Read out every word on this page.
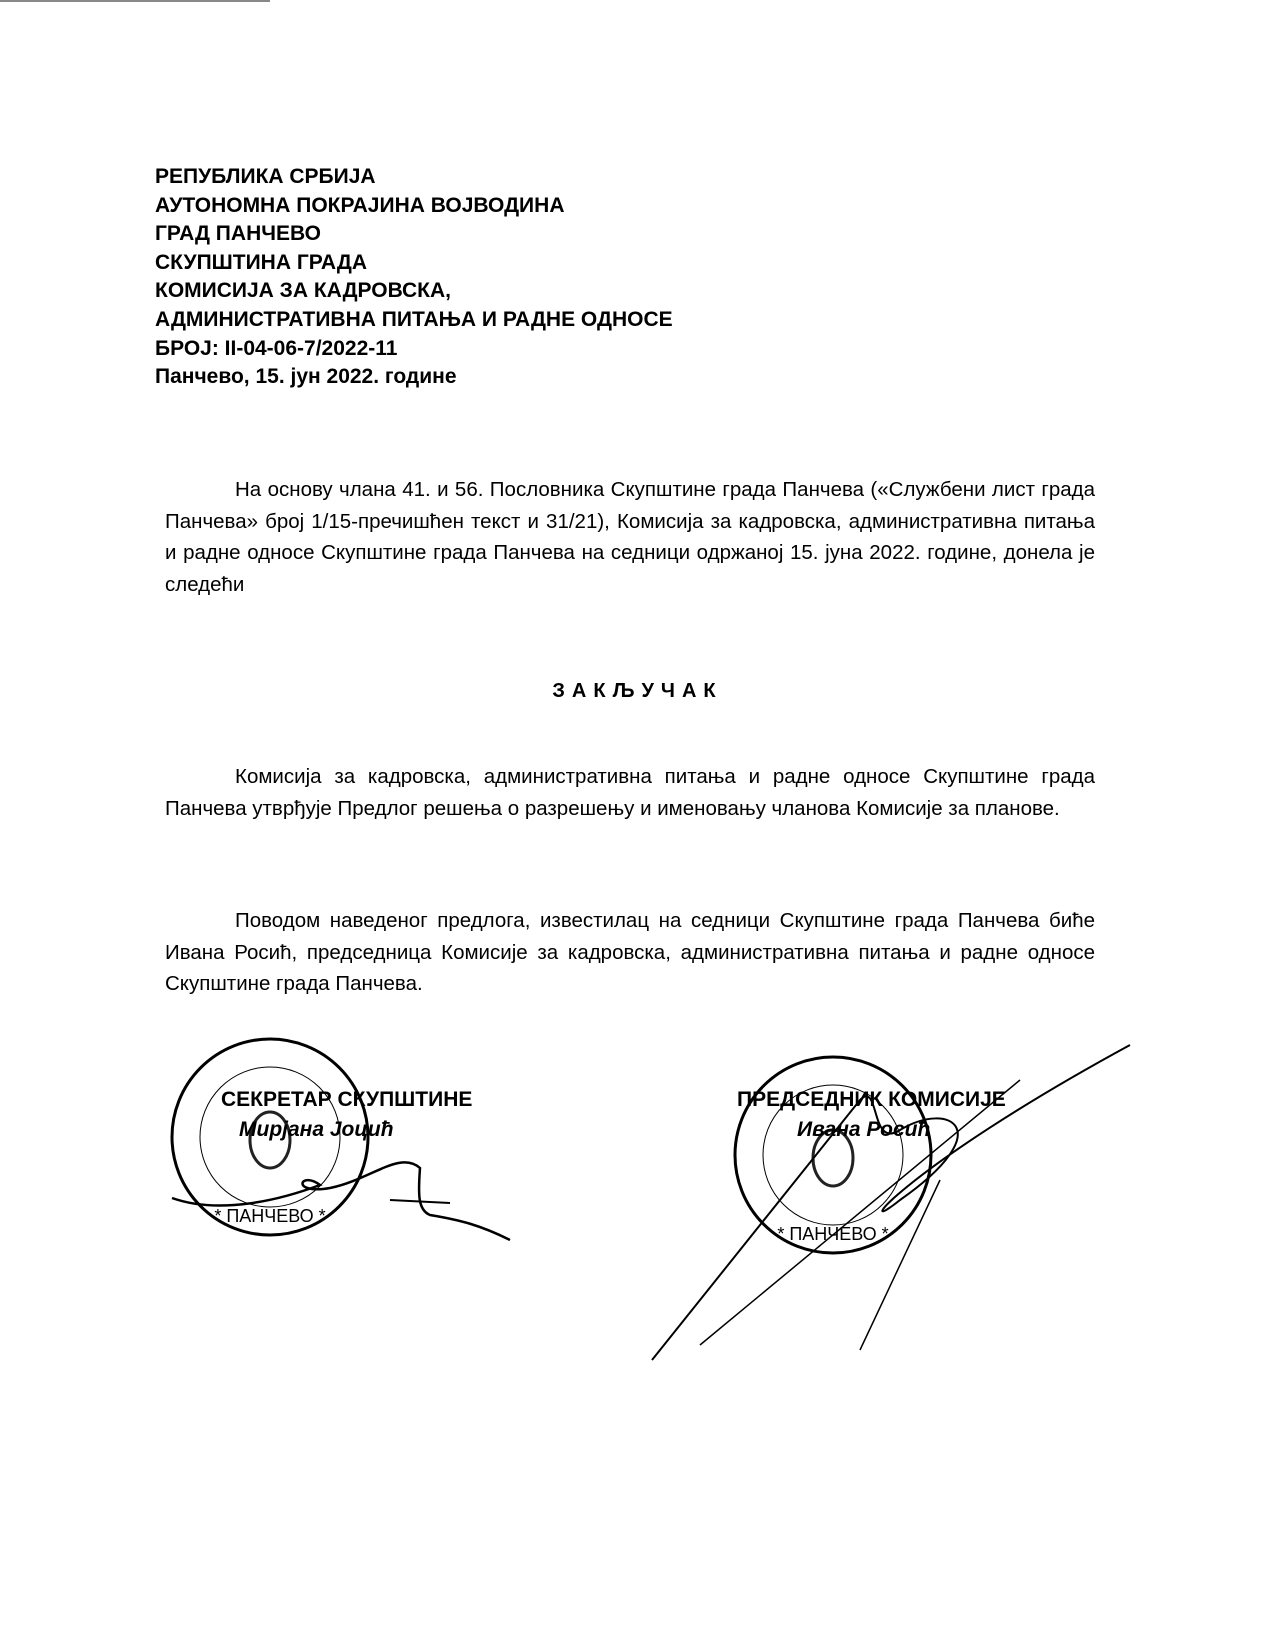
РЕПУБЛИКА СРБИЈА
АУТОНОМНА ПОКРАЈИНА ВОЈВОДИНА
ГРАД ПАНЧЕВО
СКУПШТИНА ГРАДА
КОМИСИЈА ЗА КАДРОВСКА,
АДМИНИСТРАТИВНА ПИТАЊА И РАДНЕ ОДНОСЕ
БРОЈ: II-04-06-7/2022-11
Панчево, 15. јун 2022. године
На основу члана 41. и 56. Пословника Скупштине града Панчева («Службени лист града Панчева» број 1/15-пречишћен текст и 31/21), Комисија за кадровска, административна питања и радне односе Скупштине града Панчева на седници одржаној 15. јуна 2022. године, донела је следећи
ЗАКЉУЧАК
Комисија за кадровска, административна питања и радне односе Скупштине града Панчева утврђује Предлог решења о разрешењу и именовању чланова Комисије за планове.
Поводом наведеног предлога, известилац на седници Скупштине града Панчева биће Ивана Росић, председница Комисије за кадровска, административна питања и радне односе Скупштине града Панчева.
* ПАНЧЕВО *
* ПАНЧЕВО *
СЕКРЕТАР СКУПШТИНЕ
Мирјана Јоцић
ПРЕДСЕДНИК КОМИСИЈЕ
Ивана Росић
